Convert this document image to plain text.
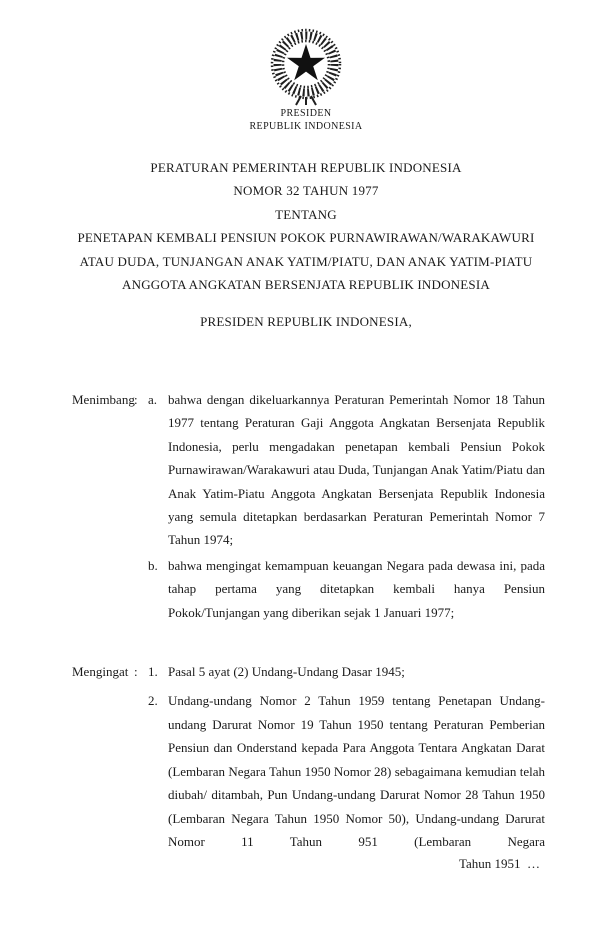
PRESIDEN
REPUBLIK INDONESIA
PERATURAN PEMERINTAH REPUBLIK INDONESIA
NOMOR 32 TAHUN 1977
TENTANG
PENETAPAN KEMBALI PENSIUN POKOK PURNAWIRAWAN/WARAKAWURI
ATAU DUDA, TUNJANGAN ANAK YATIM/PIATU, DAN ANAK YATIM-PIATU
ANGGOTA ANGKATAN BERSENJATA REPUBLIK INDONESIA
PRESIDEN REPUBLIK INDONESIA,
Menimbang : a. bahwa dengan dikeluarkannya Peraturan Pemerintah Nomor 18 Tahun 1977 tentang Peraturan Gaji Anggota Angkatan Bersenjata Republik Indonesia, perlu mengadakan penetapan kembali Pensiun Pokok Purnawirawan/Warakawuri atau Duda, Tunjangan Anak Yatim/Piatu dan Anak Yatim-Piatu Anggota Angkatan Bersenjata Republik Indonesia yang semula ditetapkan berdasarkan Peraturan Pemerintah Nomor 7 Tahun 1974;

b. bahwa mengingat kemampuan keuangan Negara pada dewasa ini, pada tahap pertama yang ditetapkan kembali hanya Pensiun Pokok/Tunjangan yang diberikan sejak 1 Januari 1977;

Mengingat : 1. Pasal 5 ayat (2) Undang-Undang Dasar 1945;

2. Undang-undang Nomor 2 Tahun 1959 tentang Penetapan Undang-undang Darurat Nomor 19 Tahun 1950 tentang Peraturan Pemberian Pensiun dan Onderstand kepada Para Anggota Tentara Angkatan Darat (Lembaran Negara Tahun 1950 Nomor 28) sebagaimana kemudian telah diubah/ ditambah, Pun Undang-undang Darurat Nomor 28 Tahun 1950 (Lembaran Negara Tahun 1950 Nomor 50), Undang-undang Darurat Nomor 11 Tahun 951 (Lembaran Negara

Tahun 1951  …
